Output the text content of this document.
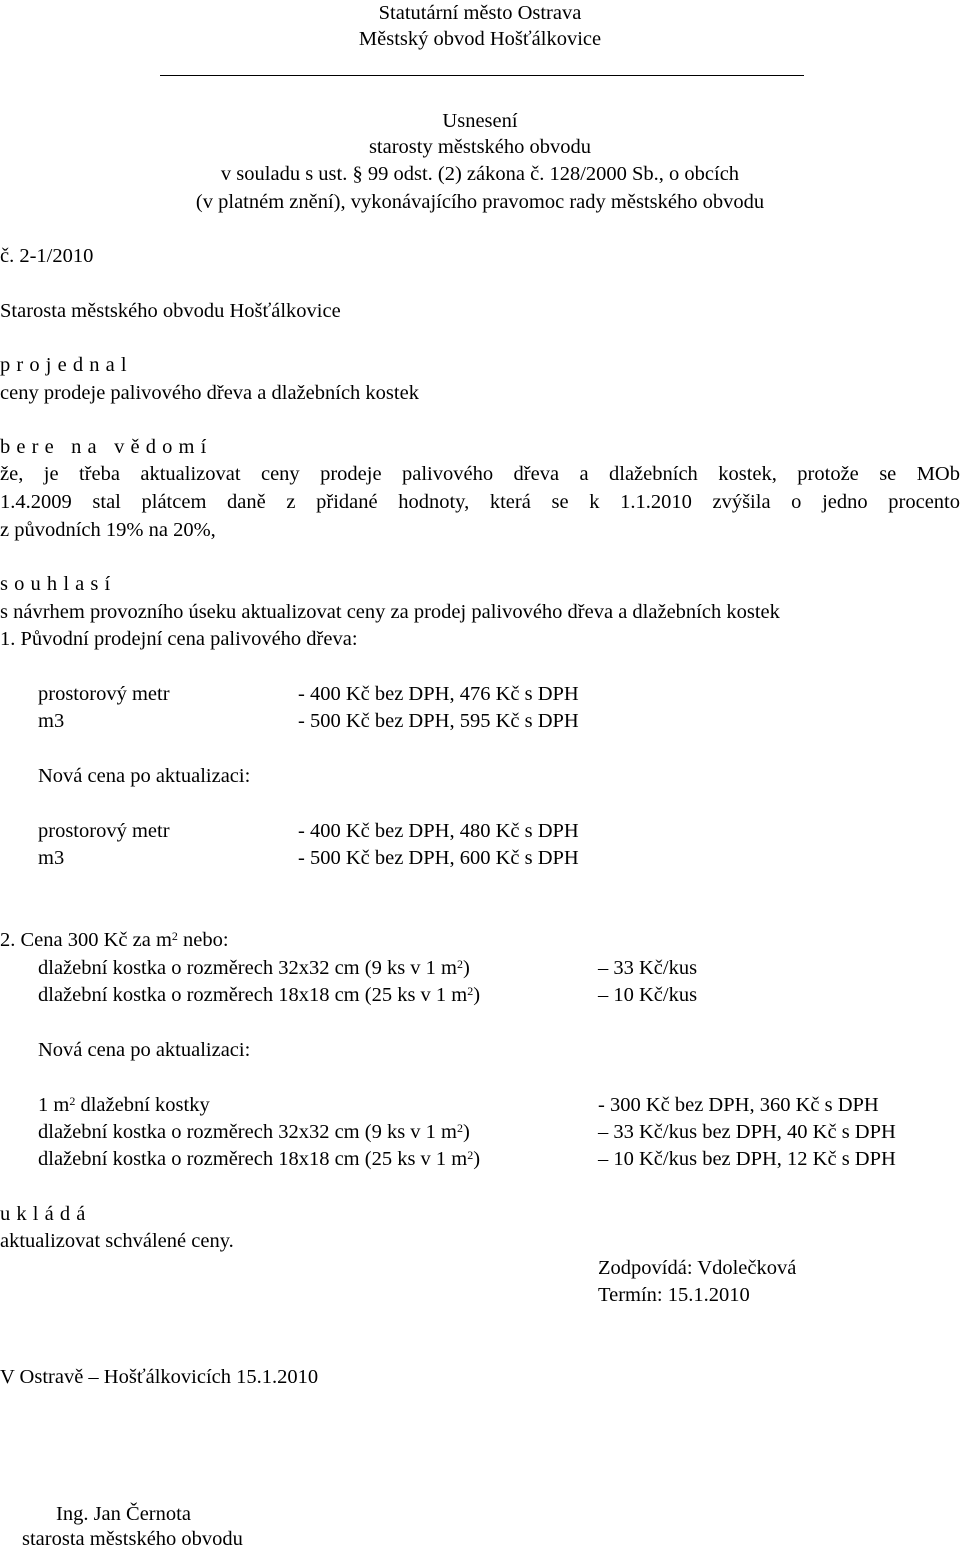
Statutární město Ostrava
Městský obvod Hošťálkovice
Usnesení
starosty městského obvodu
v souladu s ust. § 99 odst. (2) zákona č. 128/2000 Sb., o obcích
(v platném znění), vykonávajícího pravomoc rady městského obvodu
č. 2-1/2010
Starosta městského obvodu Hošťálkovice
projednal
ceny prodeje palivového dřeva a dlažebních kostek
bere na vědomí
že, je třeba aktualizovat ceny prodeje palivového dřeva a dlažebních kostek, protože se MOb
1.4.2009 stal plátcem daně z přidané hodnoty, která se k 1.1.2010 zvýšila o jedno procento
z původních 19% na 20%,
souhlasí
s návrhem provozního úseku aktualizovat ceny za prodej palivového dřeva a dlažebních kostek
1. Původní prodejní cena palivového dřeva:
prostorový metr	- 400 Kč bez DPH, 476 Kč s DPH
m3	- 500 Kč bez DPH, 595 Kč s DPH
Nová cena po aktualizaci:
prostorový metr	- 400 Kč bez DPH, 480 Kč s DPH
m3	- 500 Kč bez DPH, 600 Kč s DPH
2. Cena 300 Kč za $m^2$ nebo:
dlažební kostka o rozměrech 32x32 cm (9 ks v 1 $m^2$)	– 33 Kč/kus
dlažební kostka o rozměrech 18x18 cm (25 ks v 1 $m^2$)	– 10 Kč/kus
Nová cena po aktualizaci:
1 $m^2$ dlažební kostky	- 300 Kč bez DPH, 360 Kč s DPH
dlažební kostka o rozměrech 32x32 cm (9 ks v 1 $m^2$)	– 33 Kč/kus bez DPH, 40 Kč s DPH
dlažební kostka o rozměrech 18x18 cm (25 ks v 1 $m^2$)	– 10 Kč/kus bez DPH, 12 Kč s DPH
ukládá
aktualizovat schválené ceny.
Zodpovídá: Vdolečková
Termín: 15.1.2010
V Ostravě – Hošťálkovicích 15.1.2010
Ing. Jan Černota
starosta městského obvodu
